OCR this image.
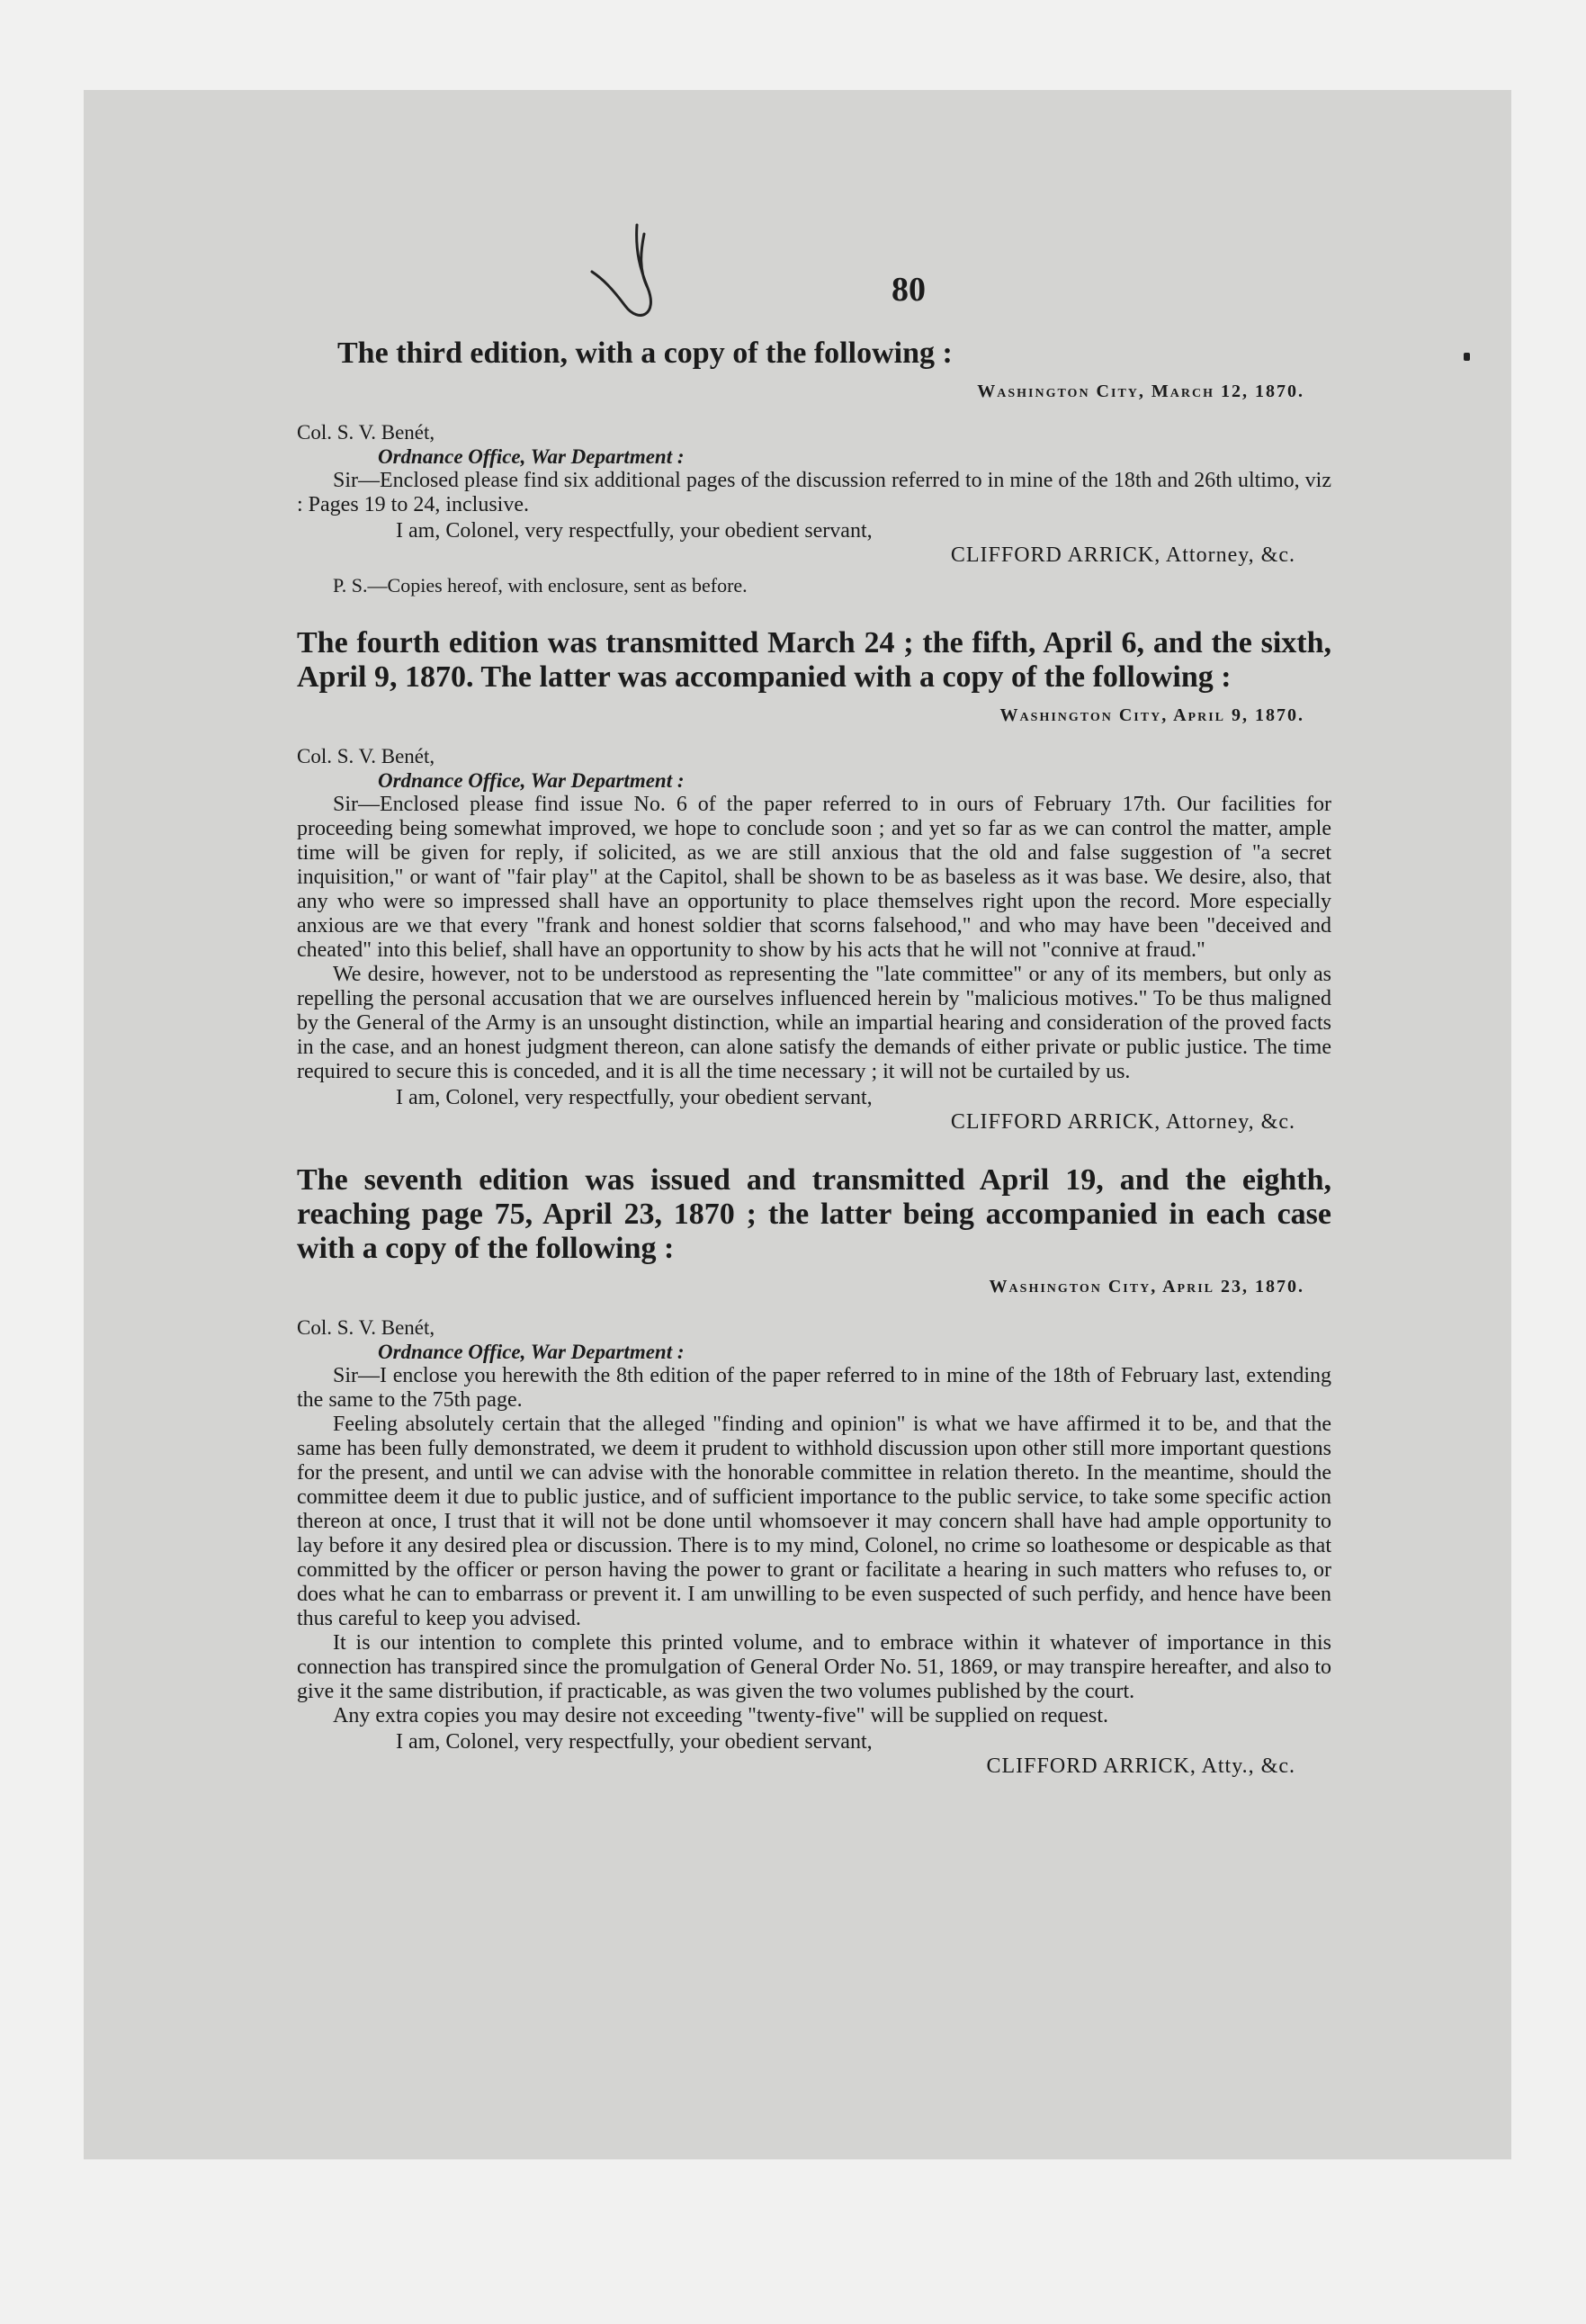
80

The third edition, with a copy of the following :

Washington City, March 12, 1870.
Col. S. V. Benét,
Ordnance Office, War Department :

Sir—Enclosed please find six additional pages of the discussion referred to in mine of the 18th and 26th ultimo, viz : Pages 19 to 24, inclusive.

I am, Colonel, very respectfully, your obedient servant,
CLIFFORD ARRICK, Attorney, &c.
P. S.—Copies hereof, with enclosure, sent as before.

The fourth edition was transmitted March 24 ; the fifth, April 6, and the sixth, April 9, 1870. The latter was accompanied with a copy of the following :

Washington City, April 9, 1870.
Col. S. V. Benét,
Ordnance Office, War Department :

Sir—Enclosed please find issue No. 6 of the paper referred to in ours of February 17th. Our facilities for proceeding being somewhat improved, we hope to conclude soon ; and yet so far as we can control the matter, ample time will be given for reply, if solicited, as we are still anxious that the old and false suggestion of "a secret inquisition," or want of "fair play" at the Capitol, shall be shown to be as baseless as it was base. We desire, also, that any who were so impressed shall have an opportunity to place themselves right upon the record. More especially anxious are we that every "frank and honest soldier that scorns falsehood," and who may have been "deceived and cheated" into this belief, shall have an opportunity to show by his acts that he will not "connive at fraud."

We desire, however, not to be understood as representing the "late committee" or any of its members, but only as repelling the personal accusation that we are ourselves influenced herein by "malicious motives." To be thus maligned by the General of the Army is an unsought distinction, while an impartial hearing and consideration of the proved facts in the case, and an honest judgment thereon, can alone satisfy the demands of either private or public justice. The time required to secure this is conceded, and it is all the time necessary ; it will not be curtailed by us.

I am, Colonel, very respectfully, your obedient servant,
CLIFFORD ARRICK, Attorney, &c.

The seventh edition was issued and transmitted April 19, and the eighth, reaching page 75, April 23, 1870 ; the latter being accompanied in each case with a copy of the following :

Washington City, April 23, 1870.
Col. S. V. Benét,
Ordnance Office, War Department :

Sir—I enclose you herewith the 8th edition of the paper referred to in mine of the 18th of February last, extending the same to the 75th page.

Feeling absolutely certain that the alleged "finding and opinion" is what we have affirmed it to be, and that the same has been fully demonstrated, we deem it prudent to withhold discussion upon other still more important questions for the present, and until we can advise with the honorable committee in relation thereto. In the meantime, should the committee deem it due to public justice, and of sufficient importance to the public service, to take some specific action thereon at once, I trust that it will not be done until whomsoever it may concern shall have had ample opportunity to lay before it any desired plea or discussion. There is to my mind, Colonel, no crime so loathesome or despicable as that committed by the officer or person having the power to grant or facilitate a hearing in such matters who refuses to, or does what he can to embarrass or prevent it. I am unwilling to be even suspected of such perfidy, and hence have been thus careful to keep you advised.

It is our intention to complete this printed volume, and to embrace within it whatever of importance in this connection has transpired since the promulgation of General Order No. 51, 1869, or may transpire hereafter, and also to give it the same distribution, if practicable, as was given the two volumes published by the court.

Any extra copies you may desire not exceeding "twenty-five" will be supplied on request.

I am, Colonel, very respectfully, your obedient servant,
CLIFFORD ARRICK, Atty., &c.
